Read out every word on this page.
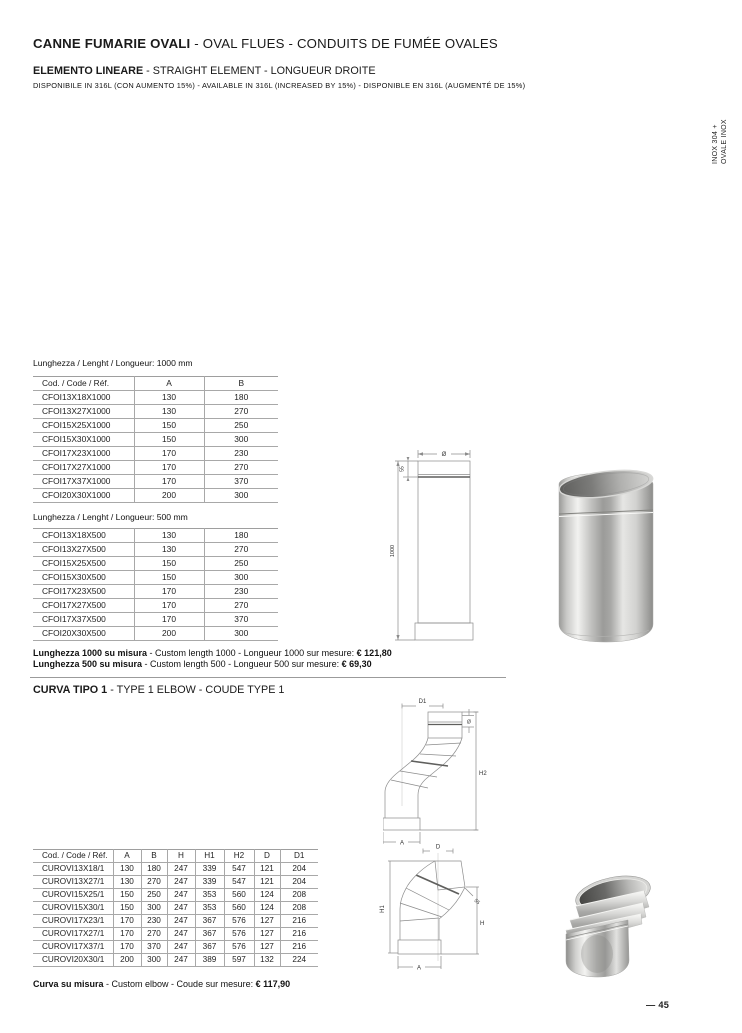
CANNE FUMARIE OVALI - OVAL FLUES - CONDUITS DE FUMÉE OVALES
ELEMENTO LINEARE - STRAIGHT ELEMENT - LONGUEUR DROITE
DISPONIBILE IN 316L (CON AUMENTO 15%) - AVAILABLE IN 316L (INCREASED BY 15%) - DISPONIBLE EN 316L (AUGMENTÉ DE 15%)
INOX 304 + OVALE INOX
Lunghezza / Lenght / Longueur: 1000 mm
Cod. / Code / Réf.	A	B
CFOI13X18X1000	130	180
CFOI13X27X1000	130	270
CFOI15X25X1000	150	250
CFOI15X30X1000	150	300
CFOI17X23X1000	170	230
CFOI17X27X1000	170	270
CFOI17X37X1000	170	370
CFOI20X30X1000	200	300
Lunghezza / Lenght / Longueur: 500 mm
CFOI13X18X500	130	180
CFOI13X27X500	130	270
CFOI15X25X500	150	250
CFOI15X30X500	150	300
CFOI17X23X500	170	230
CFOI17X27X500	170	270
CFOI17X37X500	170	370
CFOI20X30X500	200	300
Lunghezza 1000 su misura - Custom length 1000 - Longueur 1000 sur mesure: € 121,80
Lunghezza 500 su misura - Custom length 500 - Longueur 500 sur mesure: € 69,30
Ø
55
1000
CURVA TIPO 1 - TYPE 1 ELBOW - COUDE TYPE 1
D1
Ø
H2
A
D
H1
55
H
A
Cod. / Code / Réf.	A	B	H	H1	H2	D	D1
CUROVI13X18/1	130	180	247	339	547	121	204
CUROVI13X27/1	130	270	247	339	547	121	204
CUROVI15X25/1	150	250	247	353	560	124	208
CUROVI15X30/1	150	300	247	353	560	124	208
CUROVI17X23/1	170	230	247	367	576	127	216
CUROVI17X27/1	170	270	247	367	576	127	216
CUROVI17X37/1	170	370	247	367	576	127	216
CUROVI20X30/1	200	300	247	389	597	132	224
Curva su misura - Custom elbow - Coude sur mesure: € 117,90
— 45
